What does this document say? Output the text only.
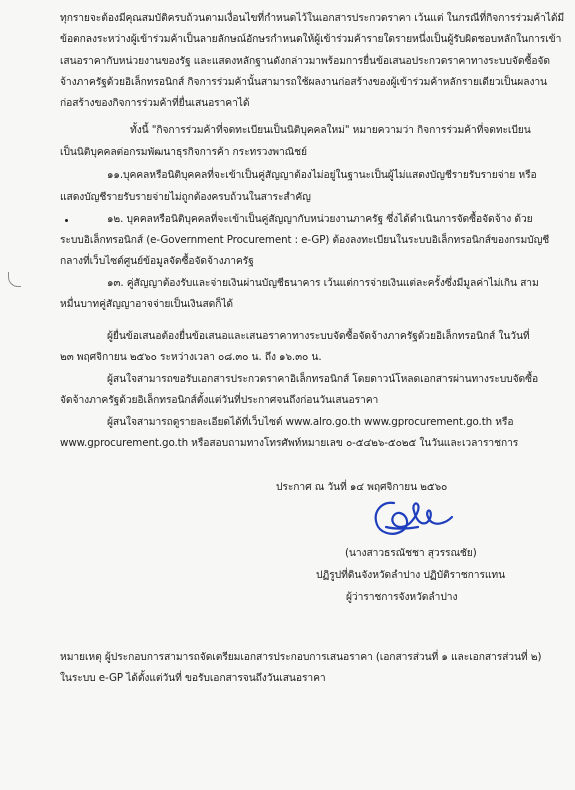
ทุกรายจะต้องมีคุณสมบัติครบถ้วนตามเงื่อนไขที่กำหนดไว้ในเอกสารประกวดราคา เว้นแต่ ในกรณีที่กิจการร่วมค้าได้มี
ข้อตกลงระหว่างผู้เข้าร่วมค้าเป็นลายลักษณ์อักษรกำหนดให้ผู้เข้าร่วมค้ารายใดรายหนึ่งเป็นผู้รับผิดชอบหลักในการเข้า
เสนอราคากับหน่วยงานของรัฐ และแสดงหลักฐานดังกล่าวมาพร้อมการยื่นข้อเสนอประกวดราคาทางระบบจัดซื้อจัด
จ้างภาครัฐด้วยอิเล็กทรอนิกส์ กิจการร่วมค้านั้นสามารถใช้ผลงานก่อสร้างของผู้เข้าร่วมค้าหลักรายเดียวเป็นผลงาน
ก่อสร้างของกิจการร่วมค้าที่ยื่นเสนอราคาได้
ทั้งนี้ "กิจการร่วมค้าที่จดทะเบียนเป็นนิติบุคคลใหม่" หมายความว่า กิจการร่วมค้าที่จดทะเบียน
เป็นนิติบุคคลต่อกรมพัฒนาธุรกิจการค้า กระทรวงพาณิชย์
๑๑.บุคคลหรือนิติบุคคลที่จะเข้าเป็นคู่สัญญาต้องไม่อยู่ในฐานะเป็นผู้ไม่แสดงบัญชีรายรับรายจ่าย หรือ
แสดงบัญชีรายรับรายจ่ายไม่ถูกต้องครบถ้วนในสาระสำคัญ
๑๒. บุคคลหรือนิติบุคคลที่จะเข้าเป็นคู่สัญญากับหน่วยงานภาครัฐ ซึ่งได้ดำเนินการจัดซื้อจัดจ้าง ด้วย
ระบบอิเล็กทรอนิกส์ (e-Government Procurement : e-GP) ต้องลงทะเบียนในระบบอิเล็กทรอนิกส์ของกรมบัญชี
กลางที่เว็บไซต์ศูนย์ข้อมูลจัดซื้อจัดจ้างภาครัฐ
๑๓. คู่สัญญาต้องรับและจ่ายเงินผ่านบัญชีธนาคาร เว้นแต่การจ่ายเงินแต่ละครั้งซึ่งมีมูลค่าไม่เกิน สาม
หมื่นบาทคู่สัญญาอาจจ่ายเป็นเงินสดก็ได้
ผู้ยื่นข้อเสนอต้องยื่นข้อเสนอและเสนอราคาทางระบบจัดซื้อจัดจ้างภาครัฐด้วยอิเล็กทรอนิกส์ ในวันที่
๒๓ พฤศจิกายน ๒๕๖๐ ระหว่างเวลา ๐๘.๓๐ น. ถึง ๑๖.๓๐ น.
ผู้สนใจสามารถขอรับเอกสารประกวดราคาอิเล็กทรอนิกส์ โดยดาวน์โหลดเอกสารผ่านทางระบบจัดซื้อ
จัดจ้างภาครัฐด้วยอิเล็กทรอนิกส์ตั้งแต่วันที่ประกาศจนถึงก่อนวันเสนอราคา
ผู้สนใจสามารถดูรายละเอียดได้ที่เว็บไซต์ www.alro.go.th www.gprocurement.go.th หรือ
www.gprocurement.go.th หรือสอบถามทางโทรศัพท์หมายเลข ๐-๕๔๒๖-๕๐๒๕ ในวันและเวลาราชการ
ประกาศ ณ วันที่ ๑๔ พฤศจิกายน ๒๕๖๐
(นางสาวธรณัชชา สุวรรณชัย)
ปฏิรูปที่ดินจังหวัดลำปาง ปฏิบัติราชการแทน
ผู้ว่าราชการจังหวัดลำปาง
หมายเหตุ ผู้ประกอบการสามารถจัดเตรียมเอกสารประกอบการเสนอราคา (เอกสารส่วนที่ ๑ และเอกสารส่วนที่ ๒)
ในระบบ e-GP ได้ตั้งแต่วันที่ ขอรับเอกสารจนถึงวันเสนอราคา
